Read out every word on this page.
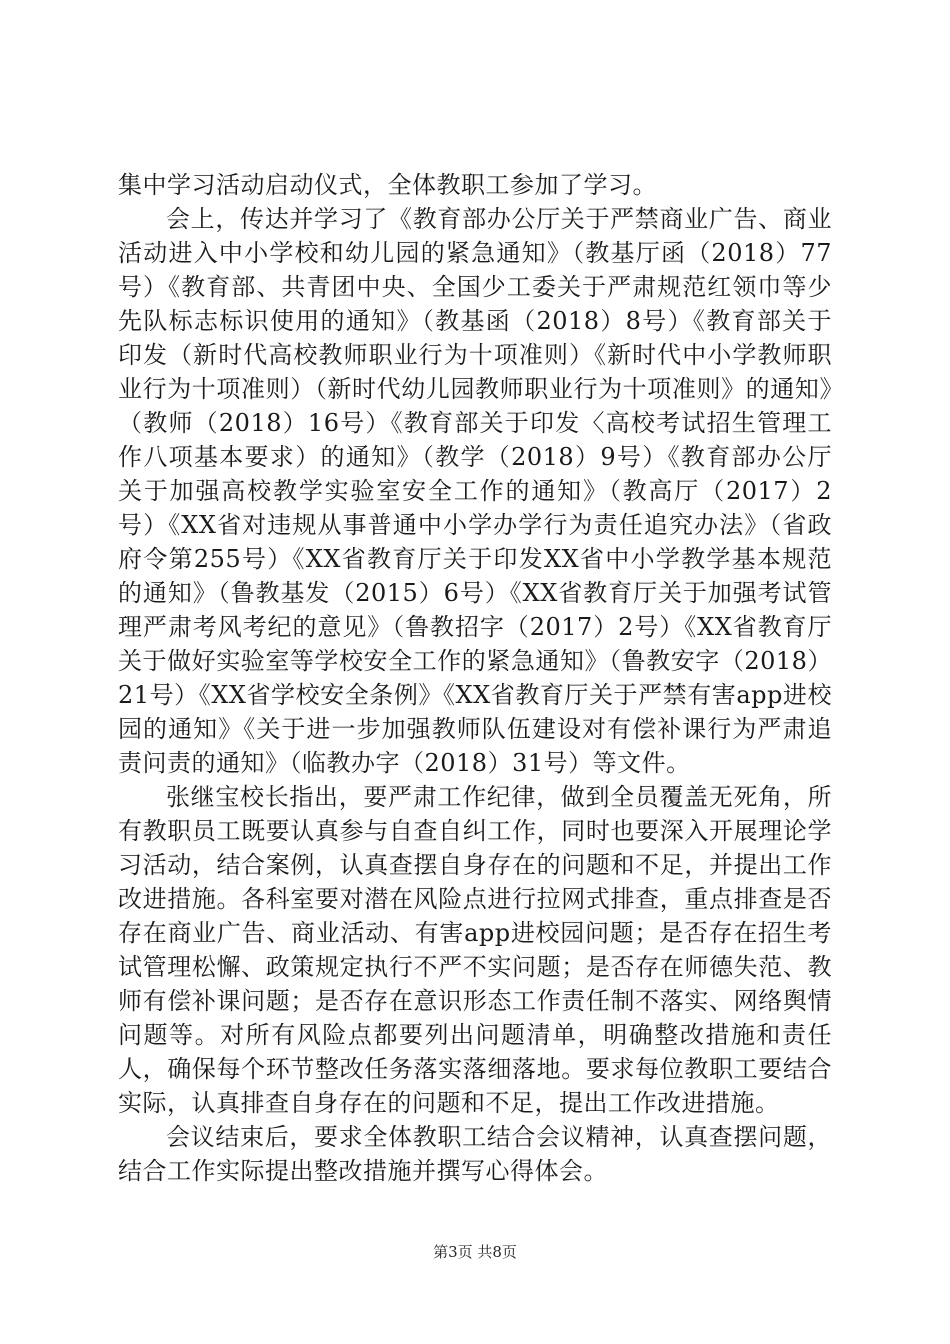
集中学习活动启动仪式，全体教职工参加了学习。

会上，传达并学习了《教育部办公厅关于严禁商业广告、商业活动进入中小学校和幼儿园的紧急通知》（教基厅函（2018）77号）《教育部、共青团中央、全国少工委关于严肃规范红领巾等少先队标志标识使用的通知》（教基函（2018）8号）《教育部关于印发（新时代高校教师职业行为十项准则）《新时代中小学教师职业行为十项准则）（新时代幼儿园教师职业行为十项准则》的通知》（教师（2018）16号）《教育部关于印发〈高校考试招生管理工作八项基本要求）的通知》（教学（2018）9号）《教育部办公厅关于加强高校教学实验室安全工作的通知》（教高厅（2017）2号）《XX省对违规从事普通中小学办学行为责任追究办法》（省政府令第255号）《XX省教育厅关于印发XX省中小学教学基本规范的通知》（鲁教基发（2015）6号）《XX省教育厅关于加强考试管理严肃考风考纪的意见》（鲁教招字（2017）2号）《XX省教育厅关于做好实验室等学校安全工作的紧急通知》（鲁教安字（2018）21号）《XX省学校安全条例》《XX省教育厅关于严禁有害app进校园的通知》《关于进一步加强教师队伍建设对有偿补课行为严肃追责问责的通知》（临教办字（2018）31号）等文件。

张继宝校长指出，要严肃工作纪律，做到全员覆盖无死角，所有教职员工既要认真参与自查自纠工作，同时也要深入开展理论学习活动，结合案例，认真查摆自身存在的问题和不足，并提出工作改进措施。各科室要对潜在风险点进行拉网式排查，重点排查是否存在商业广告、商业活动、有害app进校园问题；是否存在招生考试管理松懈、政策规定执行不严不实问题；是否存在师德失范、教师有偿补课问题；是否存在意识形态工作责任制不落实、网络舆情问题等。对所有风险点都要列出问题清单，明确整改措施和责任人，确保每个环节整改任务落实落细落地。要求每位教职工要结合实际，认真排查自身存在的问题和不足，提出工作改进措施。

会议结束后，要求全体教职工结合会议精神，认真查摆问题，结合工作实际提出整改措施并撰写心得体会。

第3页 共8页
